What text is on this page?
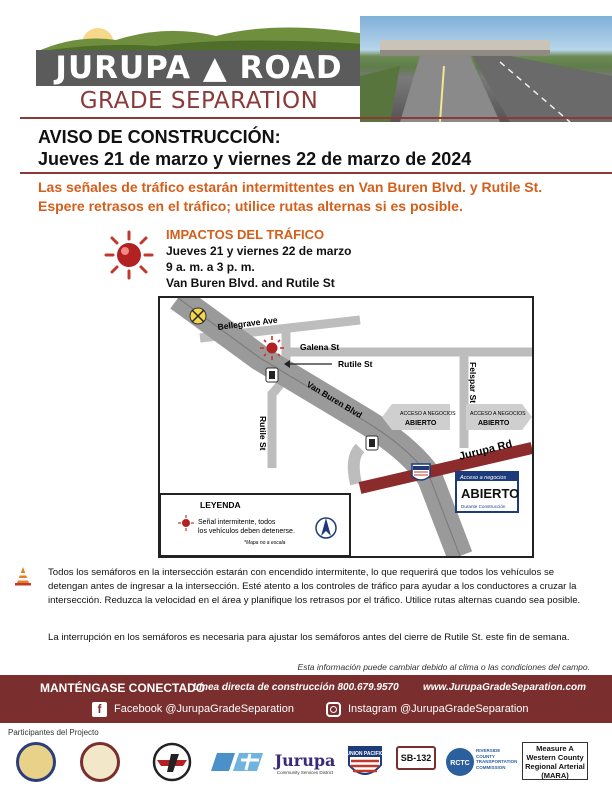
JURUPA ▲ ROAD
GRADE SEPARATION
AVISO DE CONSTRUCCIÓN:
Jueves 21 de marzo y viernes 22 de marzo de 2024
Las señales de tráfico estarán intermittentes en Van Buren Blvd. y Rutile St. Espere retrasos en el tráfico; utilice rutas alternas si es posible.
IMPACTOS DEL TRÁFICO
Jueves 21 y viernes 22 de marzo
9 a. m. a 3 p. m.
Van Buren Blvd. and Rutile St
Bellegrave Ave
Galena St
Rutile St
Rutile St
Van Buren Blvd	Felspar St
Jurupa Rd
ACCESO A NEGOCIOS
ABIERTO
ACCESO A NEGOCIOS
ABIERTO
Acceso a negocios
ABIERTO
Durante Construcción
LEYENDA
Señal intermitente, todos
los vehículos deben detenerse.
*Mapa no a escala
Todos los semáforos en la intersección estarán con encendido intermitente, lo que requerirá que todos los vehículos se detengan antes de ingresar a la intersección. Esté atento a los controles de tráfico para ayudar a los conductores a cruzar la intersección. Reduzca la velocidad en el área y planifique los retrasos por el tráfico. Utilice rutas alternas cuando sea posible.
La interrupción en los semáforos es necesaria para ajustar los semáforos antes del cierre de Rutile St. este fin de semana.
Esta información puede cambiar debido al clima o las condiciones del campo.
MANTÉNGASE CONECTADO
Línea directa de construcción 800.679.9570 www.JurupaGradeSeparation.com
f	Facebook @JurupaGradeSeparation	Instagram @JurupaGradeSeparation
Participantes del Projecto
Jurupa
Community Services District
UNION PACIFIC	SB-132
RCTC
RIVERSIDE COUNTY TRANSPORTATION COMMISSION
Measure A
Western County
Regional Arterial
(MARA)
